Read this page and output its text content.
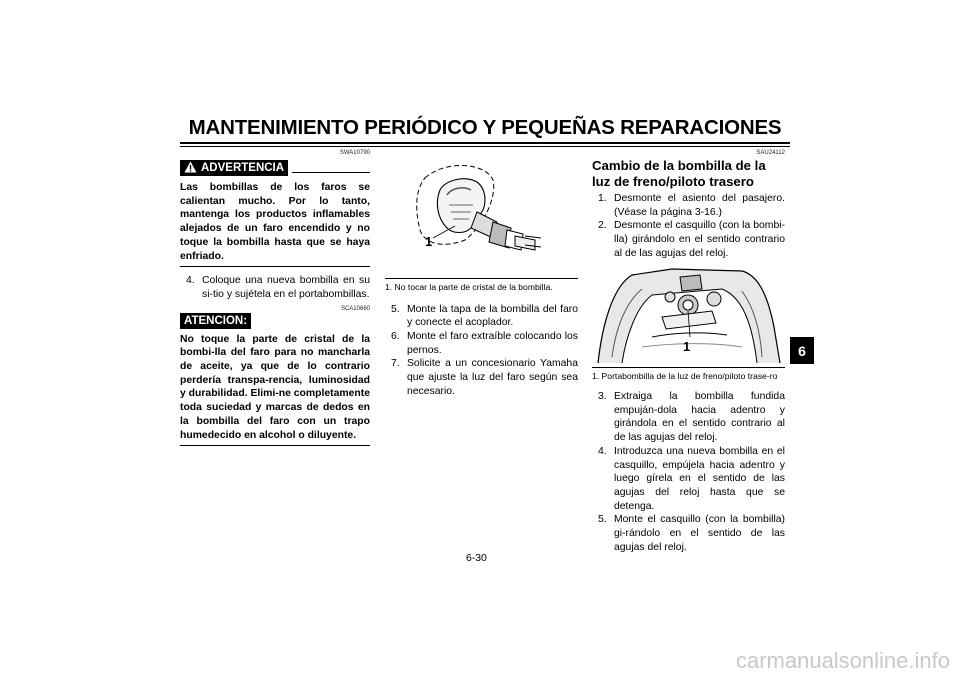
MANTENIMIENTO PERIÓDICO Y PEQUEÑAS REPARACIONES
SWA10790
ADVERTENCIA
Las bombillas de los faros se calientan mucho. Por lo tanto, mantenga los productos inflamables alejados de un faro encendido y no toque la bombilla hasta que se haya enfriado.
4. Coloque una nueva bombilla en su si-tio y sujétela en el portabombillas.
SCA10660
ATENCION:
No toque la parte de cristal de la bombi-lla del faro para no mancharla de aceite, ya que de lo contrario perdería transpa-rencia, luminosidad y durabilidad. Elimi-ne completamente toda suciedad y marcas de dedos en la bombilla del faro con un trapo humedecido en alcohol o diluyente.
1
1. No tocar la parte de cristal de la bombilla.
5. Monte la tapa de la bombilla del faro y conecte el acoplador.
6. Monte el faro extraíble colocando los pernos.
7. Solicite a un concesionario Yamaha que ajuste la luz del faro según sea necesario.
SAU24112
Cambio de la bombilla de la luz de freno/piloto trasero
1. Desmonte el asiento del pasajero. (Véase la página 3-16.)
2. Desmonte el casquillo (con la bombi-lla) girándolo en el sentido contrario al de las agujas del reloj.
1
1. Portabombilla de la luz de freno/piloto trase-ro
3. Extraiga la bombilla fundida empuján-dola hacia adentro y girándola en el sentido contrario al de las agujas del reloj.
4. Introduzca una nueva bombilla en el casquillo, empújela hacia adentro y luego gírela en el sentido de las agujas del reloj hasta que se detenga.
5. Monte el casquillo (con la bombilla) gi-rándolo en el sentido de las agujas del reloj.
6
6-30
carmanualsonline.info
